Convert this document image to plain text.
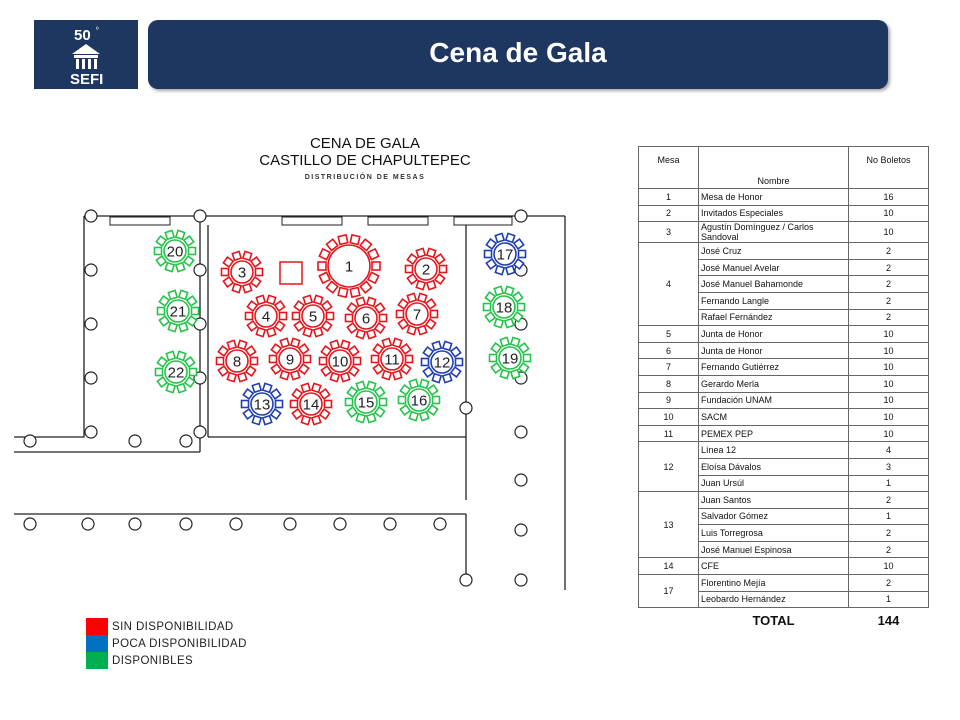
50 º
SEFI
Cena de Gala
CENA DE GALA
CASTILLO DE CHAPULTEPEC
DISTRIBUCIÓN DE MESAS
1	2
3
4	5	6	7
8	9 10 11 12
13 14	15 16
17
18
19
20
21
22
SIN DISPONIBILIDAD
POCA DISPONIBILIDAD
DISPONIBLES
Mesa	Nombre	No Boletos
1	Mesa de Honor	16
2	Invitados Especiales	10
3	Agustín Domínguez / Carlos Sandoval	10
4	José Cruz	2
	José Manuel Avelar	2
	José Manuel Bahamonde	2
	Fernando Langle	2
	Rafael Fernández	2
5	Junta de Honor	10
6	Junta de Honor	10
7	Fernando Gutiérrez	10
8	Gerardo Merla	10
9	Fundación UNAM	10
10	SACM	10
11	PEMEX PEP	10
12	Línea 12	4
	Eloísa Dávalos	3
	Juan Ursúl	1
13	Juan Santos	2
	Salvador Gómez	1
	Luis Torregrosa	2
	José Manuel Espinosa	2
14	CFE	10
17	Florentino Mejía	2
	Leobardo Hernández	1
	TOTAL	144
